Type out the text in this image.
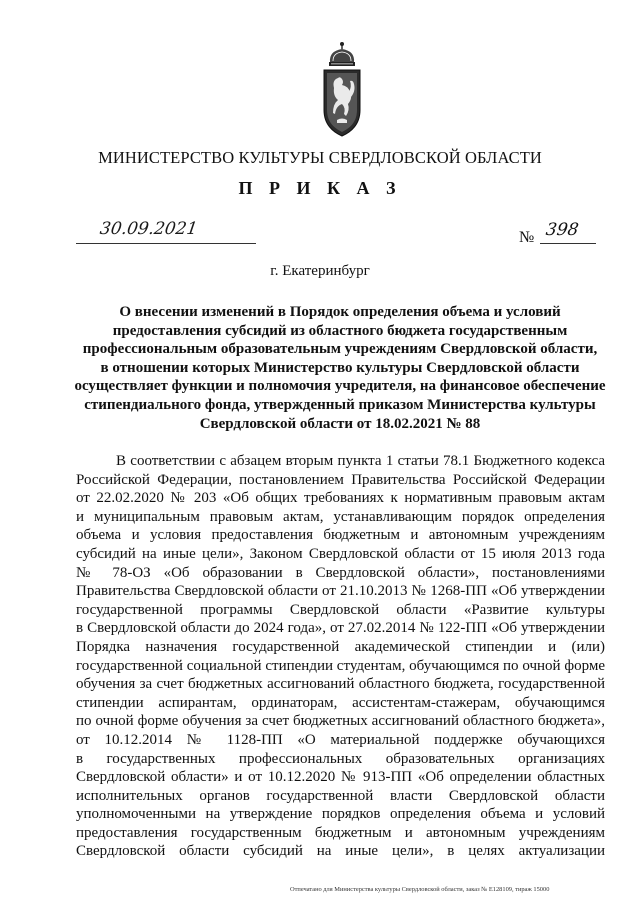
МИНИСТЕРСТВО КУЛЬТУРЫ СВЕРДЛОВСКОЙ ОБЛАСТИ
П Р И К А З
30.09.2021	№ 398
г. Екатеринбург
О внесении изменений в Порядок определения объема и условий
предоставления субсидий из областного бюджета государственным
профессиональным образовательным учреждениям Свердловской области,
в отношении которых Министерство культуры Свердловской области
осуществляет функции и полномочия учредителя, на финансовое обеспечение
стипендиального фонда, утвержденный приказом Министерства культуры
Свердловской области от 18.02.2021 № 88
В соответствии с абзацем вторым пункта 1 статьи 78.1 Бюджетного кодекса
Российской Федерации, постановлением Правительства Российской Федерации
от 22.02.2020 № 203 «Об общих требованиях к нормативным правовым актам
и муниципальным правовым актам, устанавливающим порядок определения
объема и условия предоставления бюджетным и автономным учреждениям
субсидий на иные цели», Законом Свердловской области от 15 июля 2013 года
№ 78-ОЗ «Об образовании в Свердловской области», постановлениями
Правительства Свердловской области от 21.10.2013 № 1268-ПП «Об утверждении
государственной программы Свердловской области «Развитие культуры
в Свердловской области до 2024 года», от 27.02.2014 № 122-ПП «Об утверждении
Порядка назначения государственной академической стипендии и (или)
государственной социальной стипендии студентам, обучающимся по очной форме
обучения за счет бюджетных ассигнований областного бюджета, государственной
стипендии аспирантам, ординаторам, ассистентам-стажерам, обучающимся
по очной форме обучения за счет бюджетных ассигнований областного бюджета»,
от 10.12.2014 № 1128-ПП «О материальной поддержке обучающихся
в государственных профессиональных образовательных организациях
Свердловской области» и от 10.12.2020 № 913-ПП «Об определении областных
исполнительных органов государственной власти Свердловской области
уполномоченными на утверждение порядков определения объема и условий
предоставления государственным бюджетным и автономным учреждениям
Свердловской области субсидий на иные цели», в целях актуализации
Отпечатано для Министерства культуры Свердловской области, заказ № Е128109, тираж 15000
